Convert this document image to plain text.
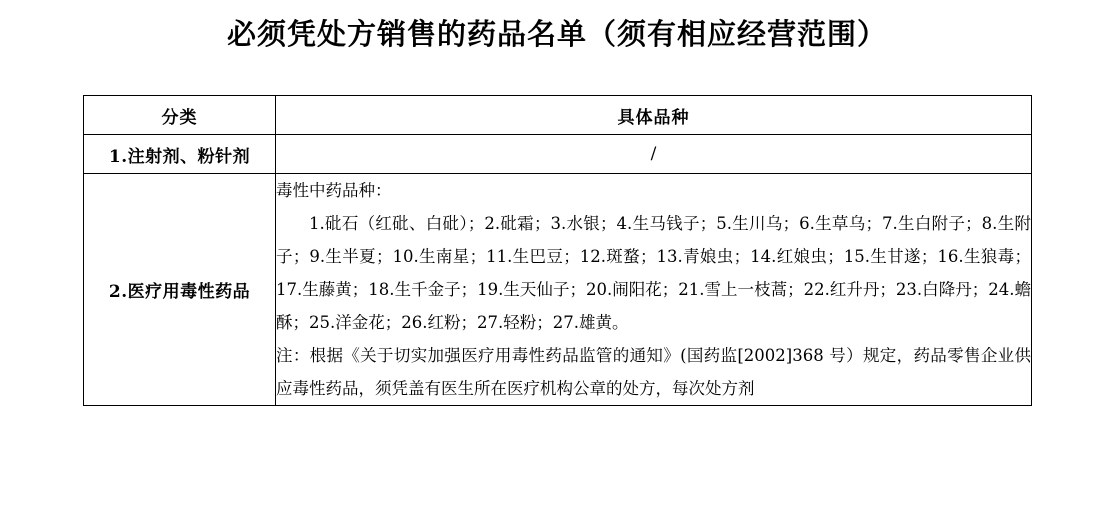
必须凭处方销售的药品名单（须有相应经营范围）
分类	具体品种
1.注射剂、粉针剂	/
2.医疗用毒性药品	毒性中药品种：

1.砒石（红砒、白砒）；2.砒霜；3.水银；4.生马钱子；5.生川乌；6.生草乌；7.生白附子；8.生附子；9.生半夏；10.生南星；11.生巴豆；12.斑蝥；13.青娘虫；14.红娘虫；15.生甘遂；16.生狼毒；17.生藤黄；18.生千金子；19.生天仙子；20.闹阳花；21.雪上一枝蒿；22.红升丹；23.白降丹；24.蟾酥；25.洋金花；26.红粉；27.轻粉；27.雄黄。

注：根据《关于切实加强医疗用毒性药品监管的通知》(国药监[2002]368 号）规定，药品零售企业供应毒性药品，须凭盖有医生所在医疗机构公章的处方，每次处方剂
